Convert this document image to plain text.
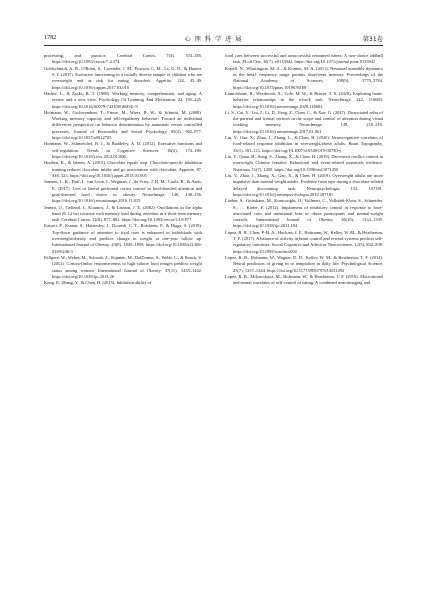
1782	心 理 科 学 进 展	第31卷

processing, and practice. Cerebral Cortex, 7(4), 374–385. https://doi.org/10.1093/cercor/7.4.374

Goldschmidt, A. B., O'Brien, S., Lavender, J. M., Pearson, C. M., Le, G. D., & Hunter, S. J. (2017). Executive functioning in a racially diverse sample of children who are overweight and at risk for eating disorders. Appetite, 124, 43–49. https://doi.org/10.1016/j.appet.2017.03.010

Hasher, L., & Zacks, R. T. (1988). Working memory, comprehension, and aging: A review and a new view. Psychology Of Learning And Motivation, 22, 193–225. https://doi.org/10.1016/S0079-7421(08)60041-9

Hofmann, W., Gschwendner, T., Friese, M., Wiers, R. W., & Schmitt, M. (2008). Working memory capacity and self-regulatory behavior: Toward an individual differences perspective on behavior determination by automatic versus controlled processes. Journal of Personality and Social Psychology, 95(4), 962–977. https://doi.org/10.1037/a0012705

Hofmann, W., Schmeichel, B. J., & Baddeley, A. D. (2012). Executive functions and self-regulation. Trends in Cognitive Sciences, 16(3), 174–180. https://doi.org/10.1016/j.tics.2012.01.006

Houben, K., & Jansen, A. (2015). Chocolate equals stop. Chocolate-specific inhibition training reduces chocolate intake and go associations with chocolate. Appetite, 87, 318–323. https://doi.org/10.1016/j.appet.2015.01.005

Janssen, L. K., Duif, I., van Loon, I., Wegman, J., de Vries, J. H. M., Cools, R., & Aarts, E. (2017). Loss of lateral prefrontal cortex control in food-directed attention and goal-directed food choice in obesity. NeuroImage, 146, 148–156. https://doi.org/10.1016/j.neuroimage.2016.11.015

Jensen, O., Gelfand, J., Kounios, J., & Lisman, J. E. (2002). Oscillations in the alpha band (9–12 hz) increase with memory load during retention in a short-term memory task. Cerebral Cortex, 12(8), 877–882. https://doi.org/10.1093/cercor/12.8.877

Kaisari, P., Kumar, S., Hattersley, J., Dourish, C. T., Rotshtein, P., & Higgs, S. (2019). Top-down guidance of attention to food cues is enhanced in individuals with overweight/obesity and predicts change in weight at one-year follow up. International Journal of Obesity, 43(9), 1849–1858. https://doi.org/10.1038/s41366-018-0246-3

Killgore, W., Weber, M., Schwab, Z., Kipman, M., DelDonno, S., Webb, C., & Rauch, S. (2013). Cortico-limbic responsiveness to high-calorie food images predicts weight status among women. International Journal of Obesity, 37(11), 1435–1442. https://doi.org/10.1038/ijo.2013.26

Kong, F., Zhang, Y., & Chen, H. (2015). Inhibition ability of

food cues between successful and unsuccessful restrained eaters: A two-choice oddball task. PLoS One, 10(7), e0133942. https://doi.org/10.1371/journal.pone.0133942

Kopell, N., Whittington, M. A., & Kramer, M. A. (2011). Neuronal assembly dynamics in the beta1 frequency range permits short-term memory. Proceedings of the National Academy of Sciences, 108(9), 3779–3784. https://doi.org/10.1073/pnas.1019676108

Lamichhane, B., Westbrook, A., Cole, M. W., & Braver, T. S. (2020). Exploring brain-behavior relationships in the n-back task. NeuroImage, 212, 116683. https://doi.org/10.1016/j.neuroimage.2020.116683

Li, S., Cai, Y., Liu, J., Li, D., Feng, Z., Chen, C., & Xue, G. (2017). Dissociated roles of the parietal and frontal cortices in the scope and control of attention during visual working memory. NeuroImage, 149, 210–219. https://doi.org/10.1016/j.neuroimage.2017.01.061

Liu, Y., Gao, X., Zhao, J., Zhang, L., & Chen, H. (2020). Neurocognitive correlates of food-related response inhibition in overweight/obese adults. Brain Topography, 33(1), 101–111. https://doi.org/10.1007/s10548-019-00730-y

Liu, Y., Quan, H., Song, S., Zhang, X., & Chen, H. (2019). Decreased conflict control in overweight Chinese females: Behavioral and event-related potentials evidence. Nutrients, 11(7), 1450. https://doi.org/10.3390/nu11071450

Liu, Y., Zhao, J., Zhang, X., Gao, X., & Chen, H. (2019). Overweight adults are more impulsive than normal weight adults: Evidence from erps during a chocolate-related delayed discounting task. Neuropsychologia, 133, 107181. https://doi.org/10.1016/j.neuropsychologia.2019.107181

Loeber, S., Grosshans, M., Korucuoglu, O., Vollmert, C., Vollstädt-Klein, S., Schneider, S., … Kiefer, F. (2012). Impairment of inhibitory control in response to food-associated cues and attentional bias of obese participants and normal-weight controls. International Journal of Obesity, 36(10), 1334–1339. https://doi.org/10.1038/ijo.2011.184

Lopez, R. B., Chen, P.-H. A., Huckins, J. F., Hofmann, W., Kelley, W. M., & Heatherton, T. F. (2017). A balance of activity in brain control and reward systems predicts self-regulatory outcomes. Social Cognitive and Affective Neuroscience, 12(5), 832–838. https://doi.org/10.1093/scan/nsx004

Lopez, R. B., Hofmann, W., Wagner, D. D., Kelley, W. M., & Heatherton, T. F. (2014). Neural predictors of giving in to temptation in daily life. Psychological Science, 25(7), 1337–1344. https://doi.org/10.1177/0956797614531492

Lopez, R. B., Milyavskaya, M., Hofmann, W., & Heatherton, T. F. (2016). Motivational and neural correlates of self-control of eating: A combined neuroimaging and
